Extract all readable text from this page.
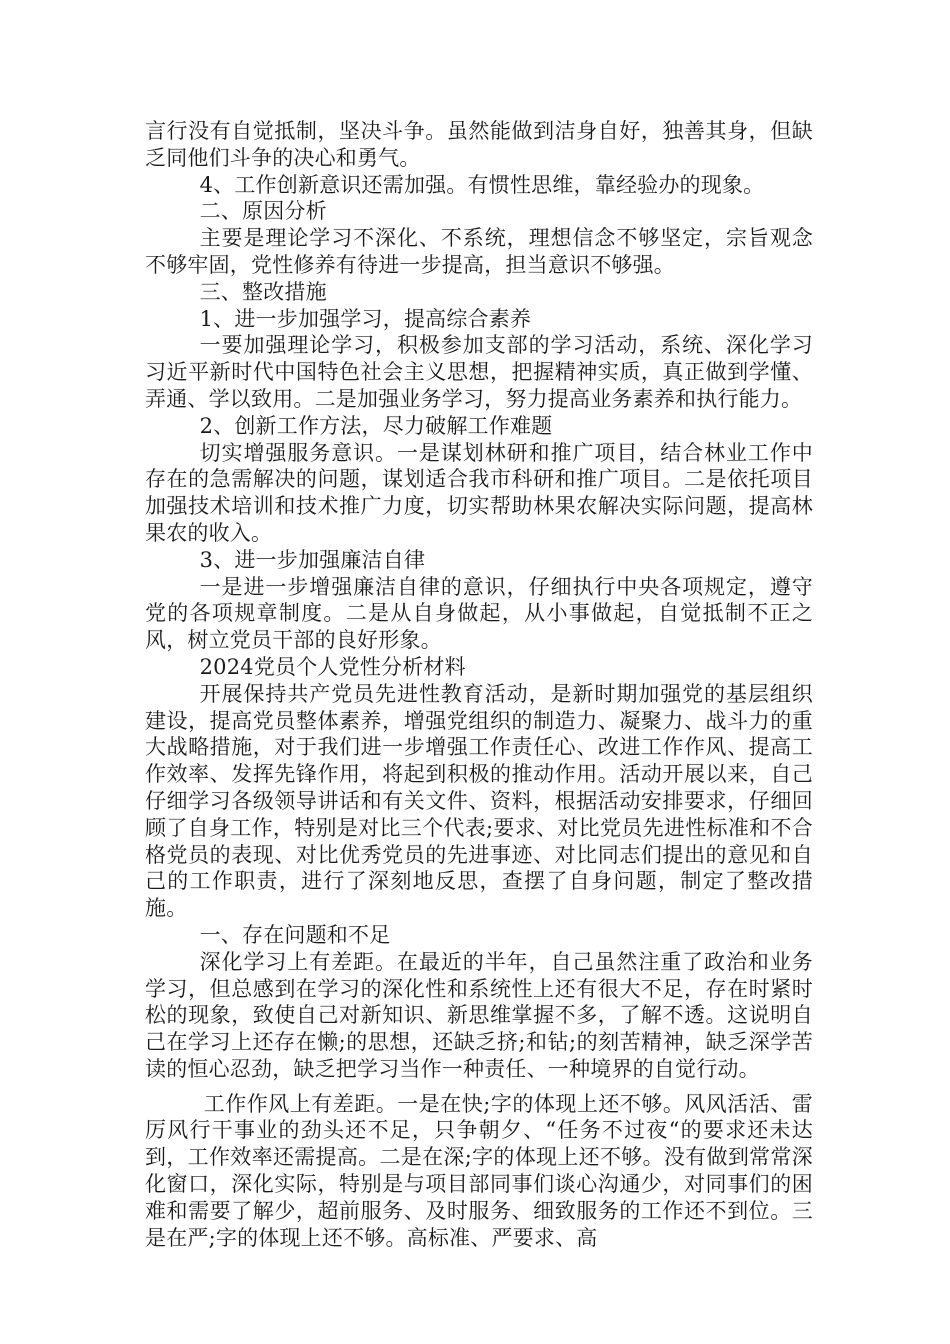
言行没有自觉抵制，坚决斗争。虽然能做到洁身自好，独善其身，但缺乏同他们斗争的决心和勇气。

4、工作创新意识还需加强。有惯性思维，靠经验办的现象。

二、原因分析

主要是理论学习不深化、不系统，理想信念不够坚定，宗旨观念不够牢固，党性修养有待进一步提高，担当意识不够强。

三、整改措施

1、进一步加强学习，提高综合素养

一要加强理论学习，积极参加支部的学习活动，系统、深化学习习近平新时代中国特色社会主义思想，把握精神实质，真正做到学懂、弄通、学以致用。二是加强业务学习，努力提高业务素养和执行能力。

2、创新工作方法，尽力破解工作难题

切实增强服务意识。一是谋划林研和推广项目，结合林业工作中存在的急需解决的问题，谋划适合我市科研和推广项目。二是依托项目加强技术培训和技术推广力度，切实帮助林果农解决实际问题，提高林果农的收入。

3、进一步加强廉洁自律

一是进一步增强廉洁自律的意识，仔细执行中央各项规定，遵守党的各项规章制度。二是从自身做起，从小事做起，自觉抵制不正之风，树立党员干部的良好形象。

2024党员个人党性分析材料

开展保持共产党员先进性教育活动，是新时期加强党的基层组织建设，提高党员整体素养，增强党组织的制造力、凝聚力、战斗力的重大战略措施，对于我们进一步增强工作责任心、改进工作作风、提高工作效率、发挥先锋作用，将起到积极的推动作用。活动开展以来，自己仔细学习各级领导讲话和有关文件、资料，根据活动安排要求，仔细回顾了自身工作，特别是对比三个代表;要求、对比党员先进性标准和不合格党员的表现、对比优秀党员的先进事迹、对比同志们提出的意见和自己的工作职责，进行了深刻地反思，查摆了自身问题，制定了整改措施。

一、存在问题和不足

深化学习上有差距。在最近的半年，自己虽然注重了政治和业务学习，但总感到在学习的深化性和系统性上还有很大不足，存在时紧时松的现象，致使自己对新知识、新思维掌握不多，了解不透。这说明自己在学习上还存在懒;的思想，还缺乏挤;和钻;的刻苦精神，缺乏深学苦读的恒心忍劲，缺乏把学习当作一种责任、一种境界的自觉行动。

工作作风上有差距。一是在快;字的体现上还不够。风风活活、雷厉风行干事业的劲头还不足，只争朝夕、“任务不过夜“的要求还未达到，工作效率还需提高。二是在深;字的体现上还不够。没有做到常常深化窗口，深化实际，特别是与项目部同事们谈心沟通少，对同事们的困难和需要了解少，超前服务、及时服务、细致服务的工作还不到位。三是在严;字的体现上还不够。高标准、严要求、高
